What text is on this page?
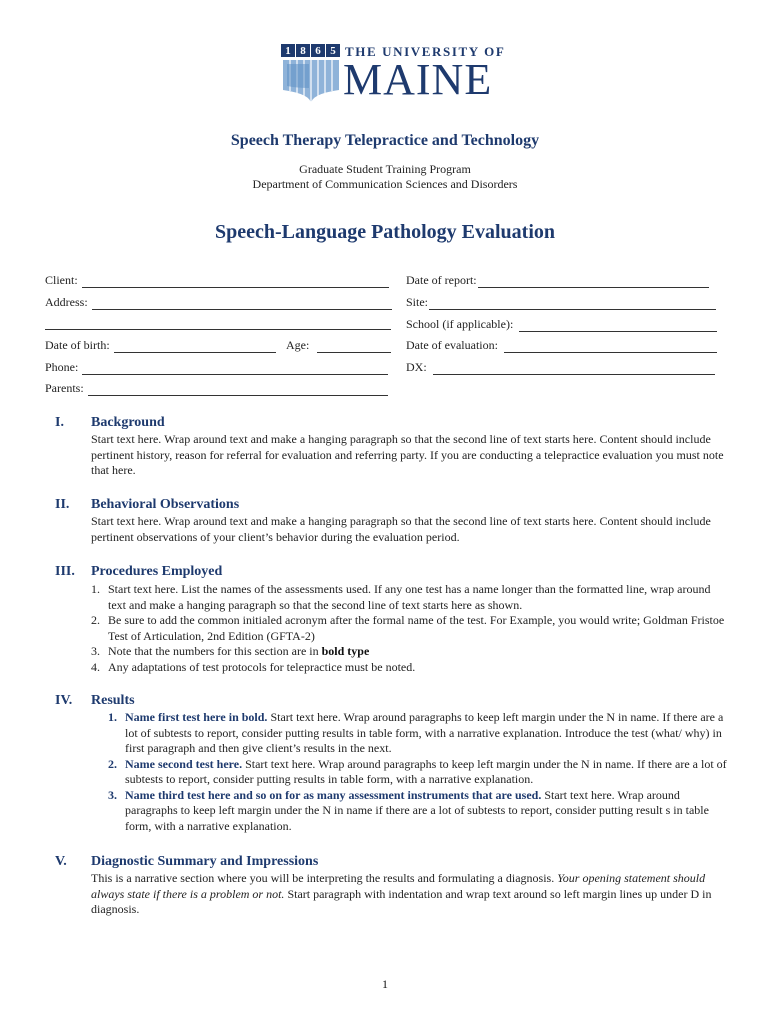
1 8 6 5 THE UNIVERSITY OF
MAINE
Speech Therapy Telepractice and Technology
Graduate Student Training Program
Department of Communication Sciences and Disorders
Speech-Language Pathology Evaluation
Client:
Address:
Date of birth:	Age:
Phone:
Parents:
Date of report:
Site:
School (if applicable):
Date of evaluation:
DX:
I. Background
Start text here. Wrap around text and make a hanging paragraph so that the second line of text starts here. Content should include pertinent history, reason for referral for evaluation and referring party. If you are conducting a telepractice evaluation you must note that here.
II. Behavioral Observations
Start text here. Wrap around text and make a hanging paragraph so that the second line of text starts here. Content should include pertinent observations of your client’s behavior during the evaluation period.
III. Procedures Employed
1. Start text here. List the names of the assessments used. If any one test has a name longer than the formatted line, wrap around text and make a hanging paragraph so that the second line of text starts here as shown.
2. Be sure to add the common initialed acronym after the formal name of the test. For Example, you would write; Goldman Fristoe Test of Articulation, 2nd Edition (GFTA-2)
3. Note that the numbers for this section are in bold type
4. Any adaptations of test protocols for telepractice must be noted.
IV. Results
1. Name first test here in bold. Start text here. Wrap around paragraphs to keep left margin under the N in name. If there are a lot of subtests to report, consider putting results in table form, with a narrative explanation. Introduce the test (what/ why) in first paragraph and then give client’s results in the next.
2. Name second test here. Start text here. Wrap around paragraphs to keep left margin under the N in name. If there are a lot of subtests to report, consider putting results in table form, with a narrative explanation.
3. Name third test here and so on for as many assessment instruments that are used. Start text here. Wrap around paragraphs to keep left margin under the N in name if there are a lot of subtests to report, consider putting result s in table form, with a narrative explanation.
V. Diagnostic Summary and Impressions
This is a narrative section where you will be interpreting the results and formulating a diagnosis. Your opening statement should always state if there is a problem or not. Start paragraph with indentation and wrap text around so left margin lines up under D in diagnosis.
1
